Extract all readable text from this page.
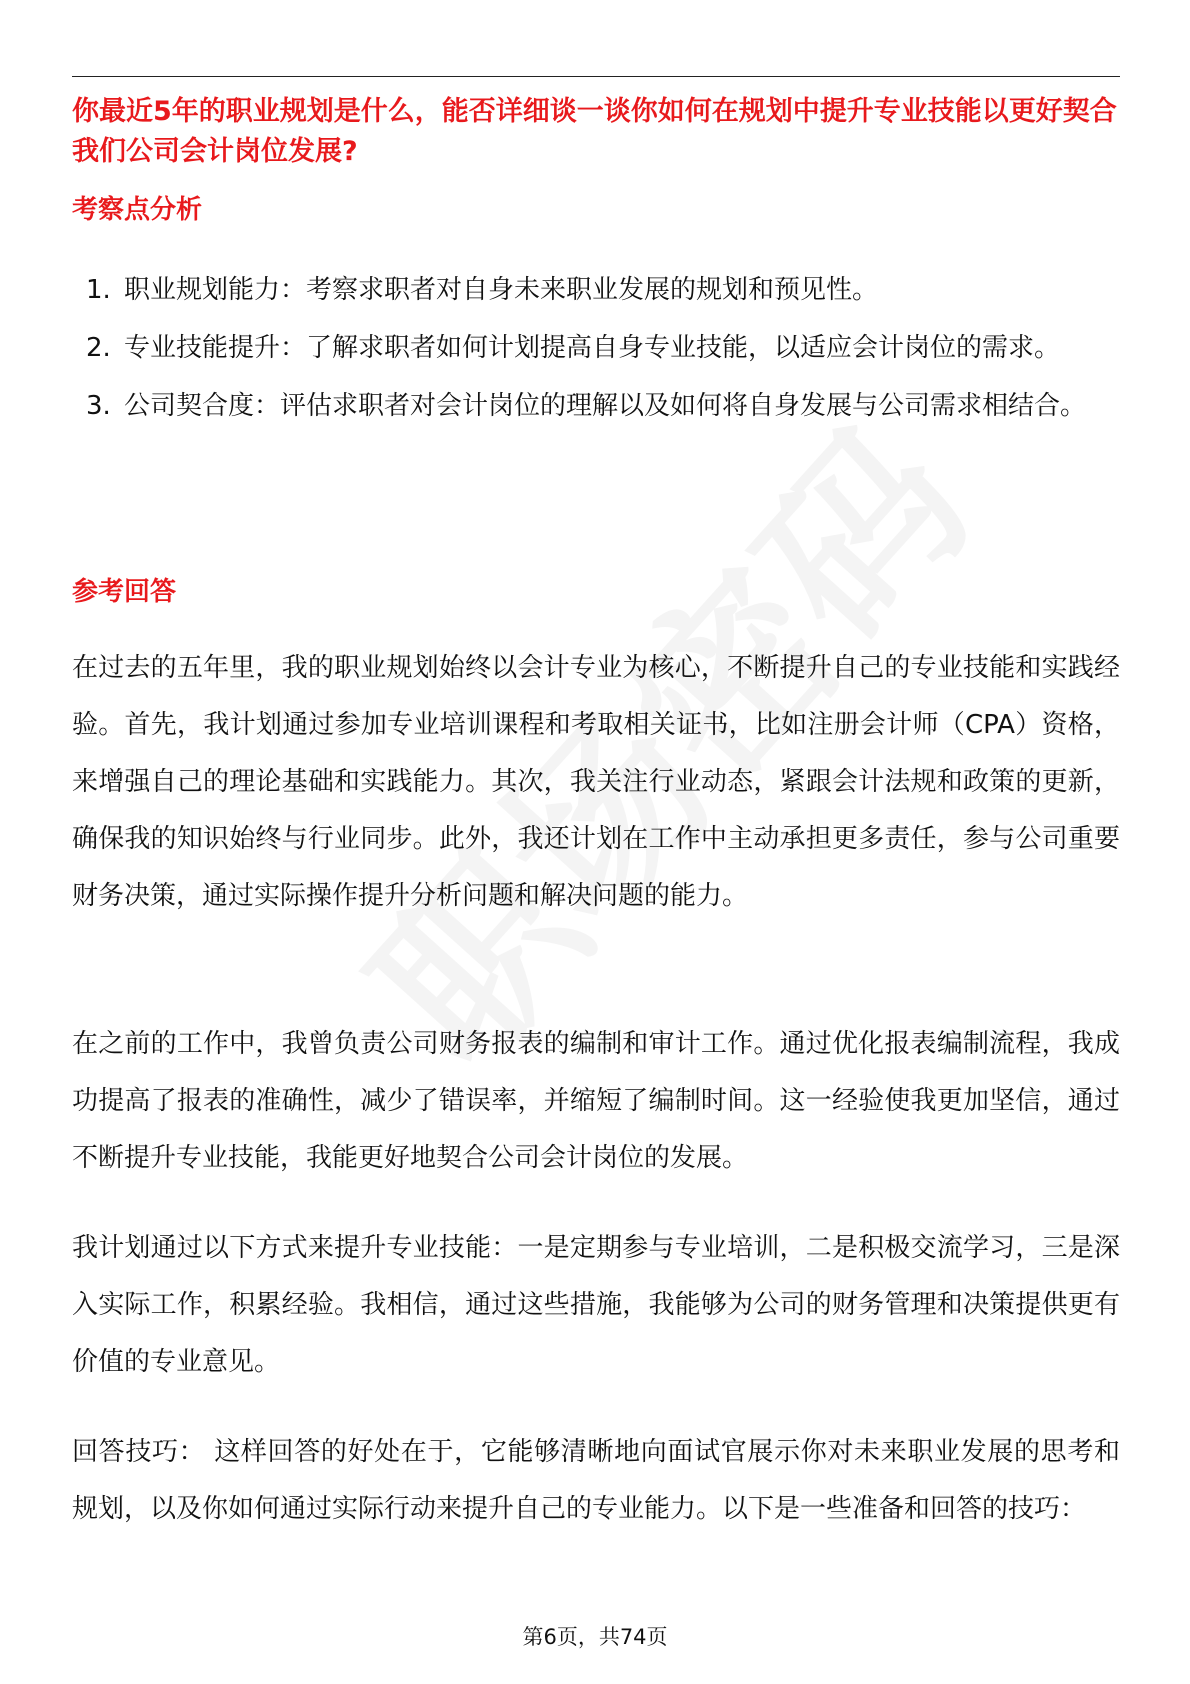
你最近5年的职业规划是什么，能否详细谈一谈你如何在规划中提升专业技能以更好契合我们公司会计岗位发展?
考察点分析
1. 职业规划能力：考察求职者对自身未来职业发展的规划和预见性。
2. 专业技能提升：了解求职者如何计划提高自身专业技能，以适应会计岗位的需求。
3. 公司契合度：评估求职者对会计岗位的理解以及如何将自身发展与公司需求相结合。
参考回答

在过去的五年里，我的职业规划始终以会计专业为核心，不断提升自己的专业技能和实践经验。首先，我计划通过参加专业培训课程和考取相关证书，比如注册会计师（CPA）资格，来增强自己的理论基础和实践能力。其次，我关注行业动态，紧跟会计法规和政策的更新，确保我的知识始终与行业同步。此外，我还计划在工作中主动承担更多责任，参与公司重要财务决策，通过实际操作提升分析问题和解决问题的能力。

在之前的工作中，我曾负责公司财务报表的编制和审计工作。通过优化报表编制流程，我成功提高了报表的准确性，减少了错误率，并缩短了编制时间。这一经验使我更加坚信，通过不断提升专业技能，我能更好地契合公司会计岗位的发展。

我计划通过以下方式来提升专业技能：一是定期参与专业培训，二是积极交流学习，三是深入实际工作，积累经验。我相信，通过这些措施，我能够为公司的财务管理和决策提供更有价值的专业意见。

回答技巧： 这样回答的好处在于，它能够清晰地向面试官展示你对未来职业发展的思考和规划，以及你如何通过实际行动来提升自己的专业能力。以下是一些准备和回答的技巧：

第6页，共74页
